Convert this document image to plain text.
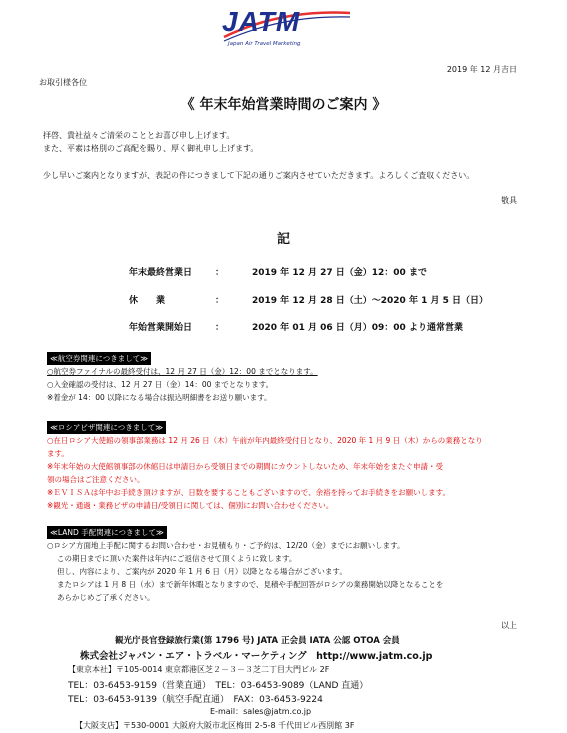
JATM
Japan Air Travel Marketing
2019 年 12 月吉日
お取引様各位
《 年末年始営業時間のご案内 》
拝啓、貴社益々ご清栄のこととお喜び申し上げます。
また、平素は格別のご高配を賜り、厚く御礼申し上げます。
少し早いご案内となりますが、表記の件につきまして下記の通りご案内させていただきます。よろしくご査収ください。
敬具
記
年末最終営業日	：	2019 年 12 月 27 日（金）12：00 まで
休　　業	：	2019 年 12 月 28 日（土）～2020 年 1 月 5 日（日）
年始営業開始日	：	2020 年 01 月 06 日（月）09：00 より通常営業
≪航空券関連につきまして≫
○航空券ファイナルの最終受付は、12 月 27 日（金）12：00 までとなります。
○入金確認の受付は、12 月 27 日（金）14：00 までとなります。
※着金が 14：00 以降になる場合は振込明細書をお送り願います。
≪ロシアビザ関連につきまして≫
○在日ロシア大使館の領事部業務は 12 月 26 日（木）午前が年内最終受付日となり、2020 年 1 月 9 日（木）からの業務となり
ます。
※年末年始の大使館領事部の休館日は申請日から受領日までの期間にカウントしないため、年末年始をまたぐ申請・受
領の場合はご注意ください。
※ＥＶＩＳＡは年中お手続き頂けますが、日数を要することもございますので、余裕を持ってお手続きをお願いします。
※観光・通過・業務ビザの申請日/受領日に関しては、個別にお問い合わせください。
≪LAND 手配関連につきまして≫
○ロシア方面地上手配に関するお問い合わせ・お見積もり・ご予約は、12/20（金）までにお願いします。
この期日までに頂いた案件は年内にご返信させて頂くように致します。
但し、内容により、ご案内が 2020 年 1 月 6 日（月）以降となる場合がございます。
またロシアは 1 月 8 日（水）まで新年休暇となりますので、見積や手配回答がロシアの業務開始以降となることを
あらかじめご了承ください。
以上
観光庁長官登録旅行業(第 1796 号) JATA 正会員 IATA 公認 OTOA 会員
株式会社ジャパン・エア・トラベル・マーケティング　http://www.jatm.co.jp
【東京本社】〒105-0014 東京都港区芝２－３－３芝二丁目大門ビル 2F
TEL：03-6453-9159（営業直通）　TEL：03-6453-9089（LAND 直通）
TEL：03-6453-9139（航空手配直通）　FAX：03-6453-9224
E-mail：sales@jatm.co.jp
【大阪支店】〒530-0001 大阪府大阪市北区梅田 2-5-8 千代田ビル西別館 3F
